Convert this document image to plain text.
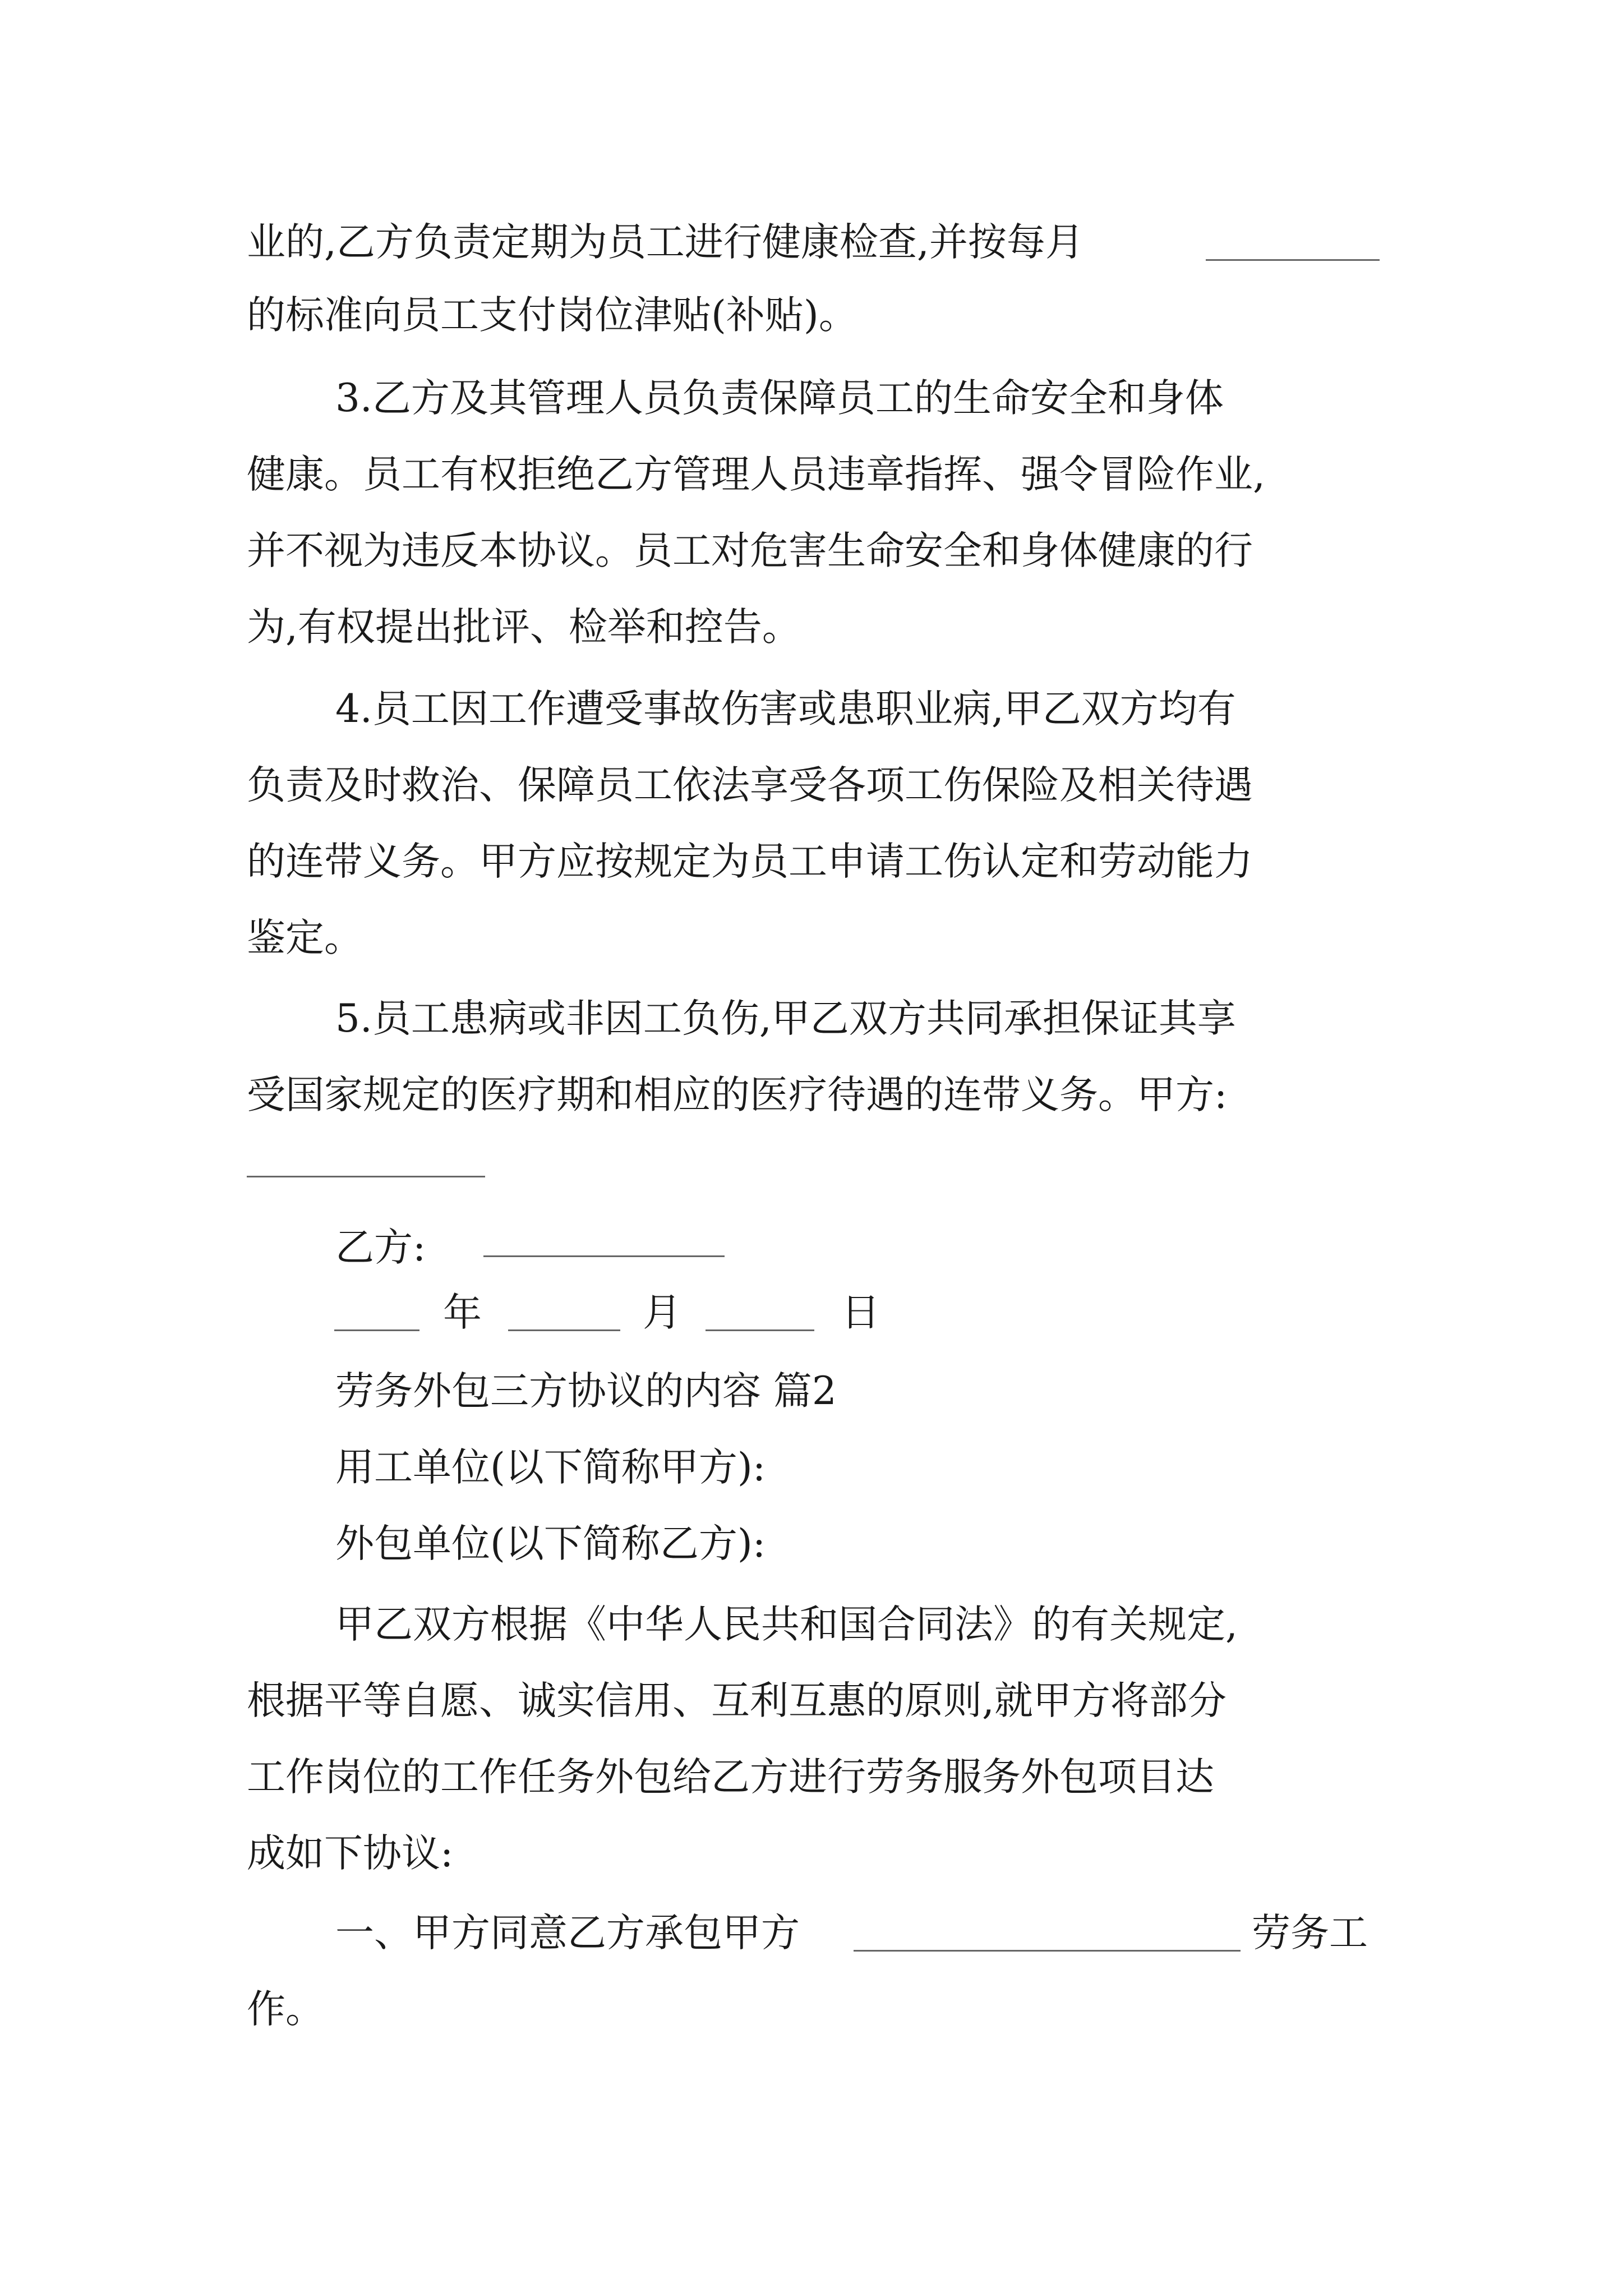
业的,乙方负责定期为员工进行健康检查,并按每月
的标准向员工支付岗位津贴(补贴)。
3.乙方及其管理人员负责保障员工的生命安全和身体
健康。员工有权拒绝乙方管理人员违章指挥、强令冒险作业,
并不视为违反本协议。员工对危害生命安全和身体健康的行
为,有权提出批评、检举和控告。
4.员工因工作遭受事故伤害或患职业病,甲乙双方均有
负责及时救治、保障员工依法享受各项工伤保险及相关待遇
的连带义务。甲方应按规定为员工申请工伤认定和劳动能力
鉴定。
5.员工患病或非因工负伤,甲乙双方共同承担保证其享
受国家规定的医疗期和相应的医疗待遇的连带义务。甲方:
乙方:
年	月	日
劳务外包三方协议的内容 篇2
用工单位(以下简称甲方):
外包单位(以下简称乙方):
甲乙双方根据《中华人民共和国合同法》的有关规定,
根据平等自愿、诚实信用、互利互惠的原则,就甲方将部分
工作岗位的工作任务外包给乙方进行劳务服务外包项目达
成如下协议:
一、甲方同意乙方承包甲方	劳务工
作。
